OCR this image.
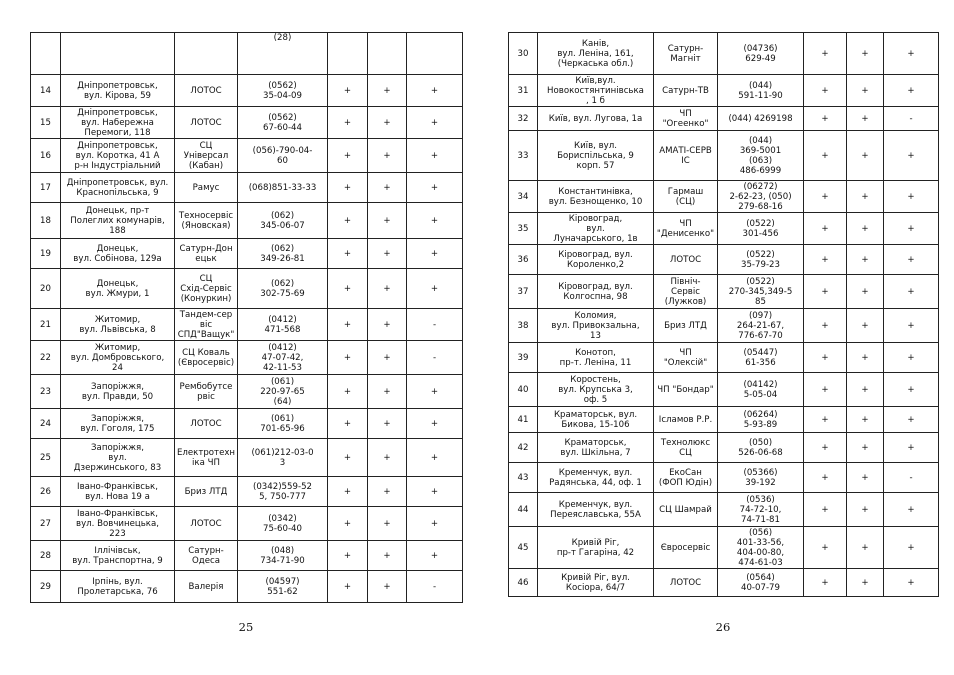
			(28)			
14	Дніпропетровськ,
вул. Кірова, 59	ЛОТОС	(0562)
35-04-09	+	+	+
15	Дніпропетровськ,
вул. Набережна
Перемоги, 118	ЛОТОС	(0562)
67-60-44	+	+	+
16	Дніпропетровськ,
вул. Коротка, 41 А
р-н Індустріальний	СЦ
Універсал
(Кабан)	(056)-790-04-
60	+	+	+
17	Дніпропетровськ, вул.
Краснопільська, 9	Рамус	(068)851-33-33	+	+	+
18	Донецьк, пр-т
Полеглих комунарів,
188	Техносервіс
(Яновская)	(062)
345-06-07	+	+	+
19	Донецьк,
вул. Собінова, 129а	Сатурн-Дон
ецьк	(062)
349-26-81	+	+	+
20	Донецьк,
вул. Жмури, 1	СЦ
Схід-Сервіс
(Конуркин)	(062)
302-75-69	+	+	+
21	Житомир,
вул. Львівська, 8	Тандем-сер
віс
СПД"Ващук"	(0412)
471-568	+	+	-
22	Житомир,
вул. Домбровського,
24	СЦ Коваль
(Євросервіс)	(0412)
47-07-42,
42-11-53	+	+	-
23	Запоріжжя,
вул. Правди, 50	Рембобутсе
рвіс	(061)
220-97-65
(64)	+	+	+
24	Запоріжжя,
вул. Гоголя, 175	ЛОТОС	(061)
701-65-96	+	+	+
25	Запоріжжя,
вул.
Дзержинського, 83	Електротехн
іка ЧП	(061)212-03-0
3	+	+	+
26	Івано-Франківськ,
вул. Нова 19 а	Бриз ЛТД	(0342)559-52
5, 750-777	+	+	+
27	Івано-Франківськ,
вул. Вовчинецька,
223	ЛОТОС	(0342)
75-60-40	+	+	+
28	Іллічівськ,
вул. Транспортна, 9	Сатурн-
Одеса	(048)
734-71-90	+	+	+
29	Ірпінь, вул.
Пролетарська, 76	Валерія	(04597)
551-62	+	+	-
25
30	Канів,
вул. Леніна, 161,
(Черкаська обл.)	Сатурн-
Магніт	(04736)
629-49	+	+	+
31	Київ,вул.
Новокостянтинівська
, 1 б	Сатурн-ТВ	(044)
591-11-90	+	+	+
32	Київ, вул. Лугова, 1а	ЧП
"Огеенко"	(044) 4269198	+	+	-
33	Київ, вул.
Бориспільська, 9
корп. 57	АМАТІ-СЕРВ
ІС	(044)
369-5001
(063)
486-6999	+	+	+
34	Константинівка,
вул. Безнощенко, 10	Гармаш
(СЦ)	(06272)
2-62-23, (050)
279-68-16	+	+	+
35	Кіровоград,
вул.
Луначарського, 1в	ЧП
"Денисенко"	(0522)
301-456	+	+	+
36	Кіровоград, вул.
Короленко,2	ЛОТОС	(0522)
35-79-23	+	+	+
37	Кіровоград, вул.
Колгоспна, 98	Північ-
Сервіс
(Лужков)	(0522)
270-345,349-5
85	+	+	+
38	Коломия,
вул. Привокзальна,
13	Бриз ЛТД	(097)
264-21-67,
776-67-70	+	+	+
39	Конотоп,
пр-т. Леніна, 11	ЧП
"Олексій"	(05447)
61-356	+	+	+
40	Коростень,
вул. Крупська 3,
оф. 5	ЧП "Бондар"	(04142)
5-05-04	+	+	+
41	Краматорськ, вул.
Бикова, 15-106	Ісламов Р.Р.	(06264)
5-93-89	+	+	+
42	Краматорськ,
вул. Шкільна, 7	Технолюкс
СЦ	(050)
526-06-68	+	+	+
43	Кременчук, вул.
Радянська, 44, оф. 1	ЕкоСан
(ФОП Юдін)	(05366)
39-192	+	+	-
44	Кременчук, вул.
Переяславська, 55А	СЦ Шамрай	(0536)
74-72-10,
74-71-81	+	+	+
45	Кривій Ріг,
пр-т Гагаріна, 42	Євросервіс	(056)
401-33-56,
404-00-80,
474-61-03	+	+	+
46	Кривій Ріг, вул.
Косіора, 64/7	ЛОТОС	(0564)
40-07-79	+	+	+
26
